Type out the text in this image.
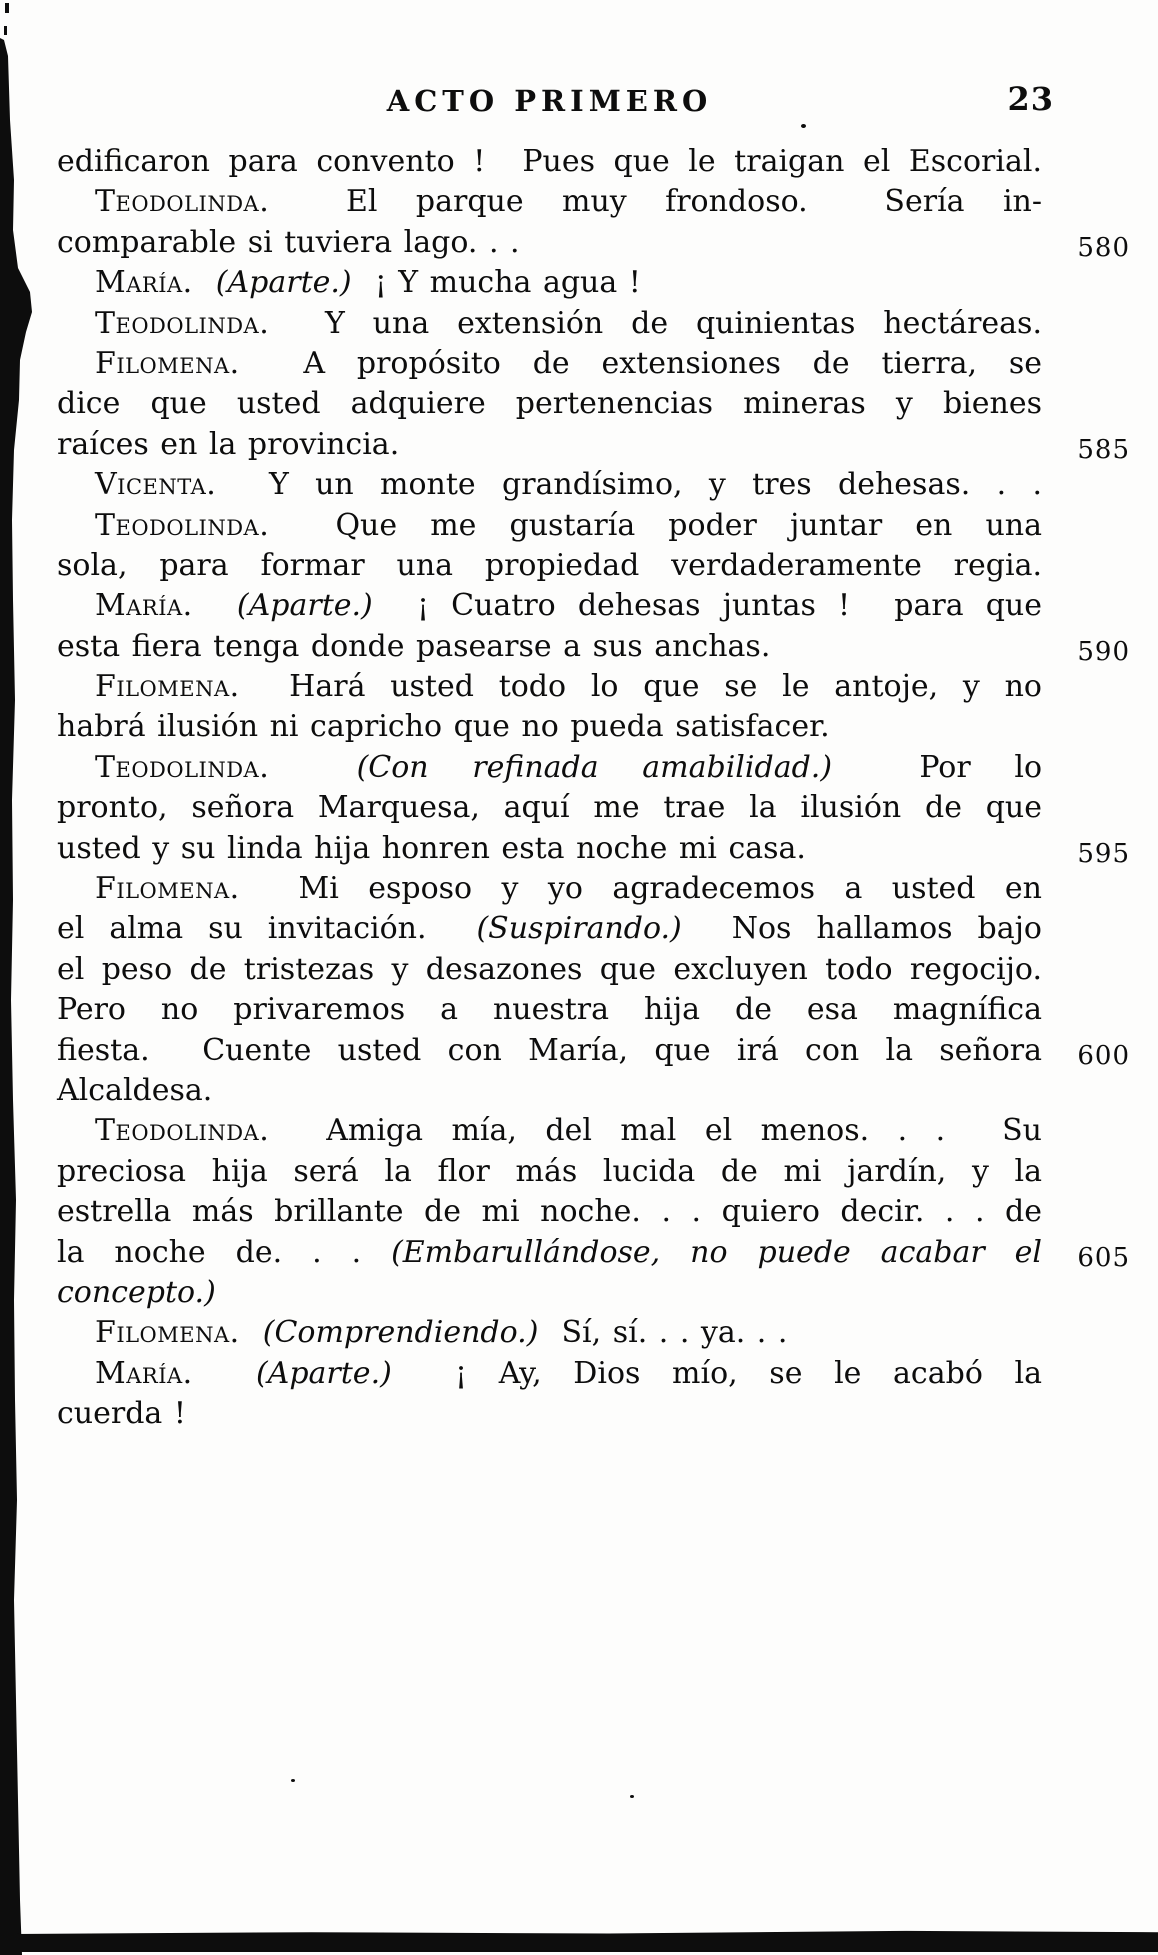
ACTO PRIMERO	23
edificaron para convento !  Pues que le traigan el Escorial.
Teodolinda.  El parque muy frondoso.  Sería in-
comparable si tuviera lago. . .	580
María. (Aparte.)  ¡ Y mucha agua !
Teodolinda.  Y una extensión de quinientas hectáreas.
Filomena.  A propósito de extensiones de tierra, se
dice que usted adquiere pertenencias mineras y bienes
raíces en la provincia.	585
Vicenta.  Y un monte grandísimo, y tres dehesas. . .
Teodolinda.  Que me gustaría poder juntar en una
sola, para formar una propiedad verdaderamente regia.
María. (Aparte.)  ¡ Cuatro dehesas juntas !  para que
esta fiera tenga donde pasearse a sus anchas.	590
Filomena.  Hará usted todo lo que se le antoje, y no
habrá ilusión ni capricho que no pueda satisfacer.
Teodolinda.	(Con refinada amabilidad.)  Por lo
pronto, señora Marquesa, aquí me trae la ilusión de que
usted y su linda hija honren esta noche mi casa.	595
Filomena.  Mi esposo y yo agradecemos a usted en
el alma su invitación.  (Suspirando.)  Nos hallamos bajo
el peso de tristezas y desazones que excluyen todo regocijo.
Pero no privaremos a nuestra hija de esa magnífica
fiesta.  Cuente usted con María, que irá con la señora 600
Alcaldesa.
Teodolinda.  Amiga mía, del mal el menos. . .  Su
preciosa hija será la flor más lucida de mi jardín, y la
estrella más brillante de mi noche. . . quiero decir. . . de
la noche de. . . (Embarullándose, no puede acabar el 605
concepto.)
Filomena. (Comprendiendo.)  Sí, sí. . . ya. . .
María. (Aparte.)  ¡ Ay, Dios mío, se le acabó la
cuerda !
